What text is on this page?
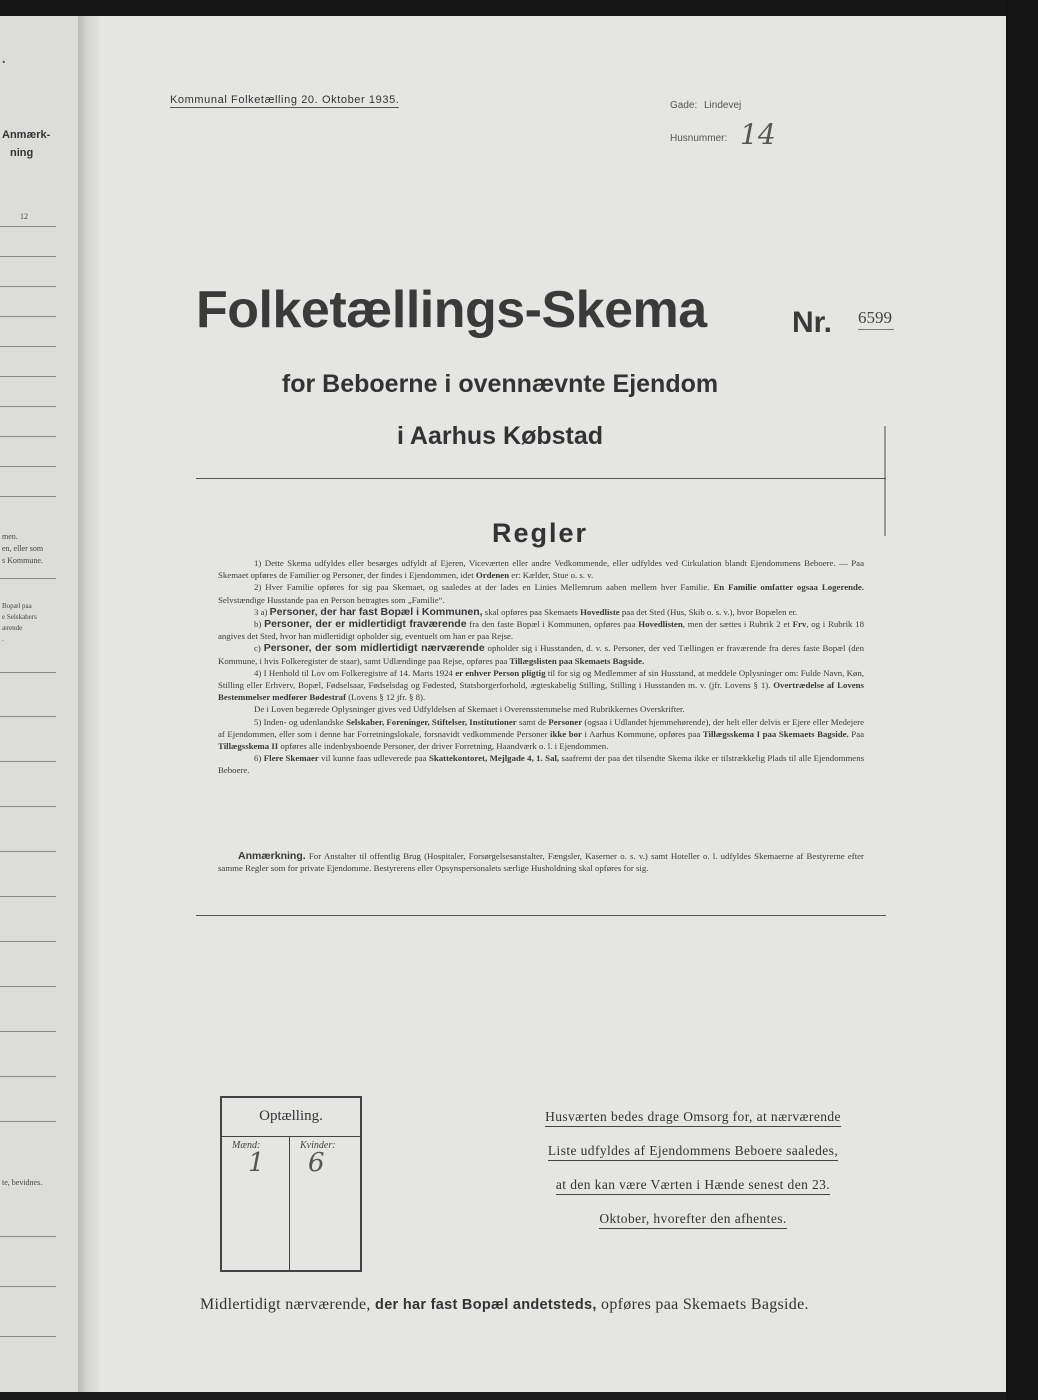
.
Anmærk-
ning
12
men.
en, eller som
s Kommune.
Bopæl paa
e Selskabers
ærende
.
te, bevidnes.
Kommunal Folketælling 20. Oktober 1935.	Gade: Lindevej
Husnummer: 14
Folketællings-Skema	Nr. 6599
for Beboerne i ovennævnte Ejendom
i Aarhus Købstad
Regler

1) Dette Skema udfyldes eller besørges udfyldt af Ejeren, Viceværten eller andre Vedkommende, eller udfyldes ved Cirkulation blandt Ejendommens Beboere. — Paa Skemaet opføres de Familier og Personer, der findes i Ejendommen, idet Ordenen er: Kælder, Stue o. s. v.

2) Hver Familie opføres for sig paa Skemaet, og saaledes at der lades en Linies Mellemrum aaben mellem hver Familie. En Familie omfatter ogsaa Logerende. Selvstændige Husstande paa en Person betragtes som „Familie“.

3 a) Personer, der har fast Bopæl i Kommunen, skal opføres paa Skemaets Hovedliste paa det Sted (Hus, Skib o. s. v.), hvor Bopælen er.

b) Personer, der er midlertidigt fraværende fra den faste Bopæl i Kommunen, opføres paa Hovedlisten, men der sættes i Rubrik 2 et Frv, og i Rubrik 18 angives det Sted, hvor han midlertidigt opholder sig, eventuelt om han er paa Rejse.

c) Personer, der som midlertidigt nærværende opholder sig i Husstanden, d. v. s. Personer, der ved Tællingen er fraværende fra deres faste Bopæl (den Kommune, i hvis Folkeregister de staar), samt Udlændinge paa Rejse, opføres paa Tillægslisten paa Skemaets Bagside.

4) I Henhold til Lov om Folkeregistre af 14. Marts 1924 er enhver Person pligtig til for sig og Medlemmer af sin Husstand, at meddele Oplysninger om: Fulde Navn, Køn, Stilling eller Erhverv, Bopæl, Fødselsaar, Fødselsdag og Fødested, Statsborgerforhold, ægteskabelig Stilling, Stilling i Husstanden m. v. (jfr. Lovens § 1). Overtrædelse af Lovens Bestemmelser medfører Bødestraf (Lovens § 12 jfr. § 8).

De i Loven begærede Oplysninger gives ved Udfyldelsen af Skemaet i Overensstemmelse med Rubrikkernes Overskrifter.

5) Inden- og udenlandske Selskaber, Foreninger, Stiftelser, Institutioner samt de Personer (ogsaa i Udlandet hjemmehørende), der helt eller delvis er Ejere eller Medejere af Ejendommen, eller som i denne har Forretningslokale, forsnavidt vedkommende Personer ikke bor i Aarhus Kommune, opføres paa Tillægsskema I paa Skemaets Bagside. Paa Tillægsskema II opføres alle indenbysboende Personer, der driver Forretning, Haandværk o. l. i Ejendommen.

6) Flere Skemaer vil kunne faas udleverede paa Skattekontoret, Mejlgade 4, 1. Sal, saafremt der paa det tilsendte Skema ikke er tilstrækkelig Plads til alle Ejendommens Beboere.

Anmærkning. For Anstalter til offentlig Brug (Hospitaler, Forsørgelsesanstalter, Fængsler, Kaserner o. s. v.) samt Hoteller o. l. udfyldes Skemaerne af Bestyrerne efter samme Regler som for private Ejendomme. Bestyrerens eller Opsynspersonalets særlige Husholdning skal opføres for sig.

Optælling.
Mænd:
1
Kvinder:
6
Husværten bedes drage Omsorg for, at nærværende
Liste udfyldes af Ejendommens Beboere saaledes,
at den kan være Værten i Hænde senest den 23.
Oktober, hvorefter den afhentes.
Midlertidigt nærværende, der har fast Bopæl andetsteds, opføres paa Skemaets Bagside.
